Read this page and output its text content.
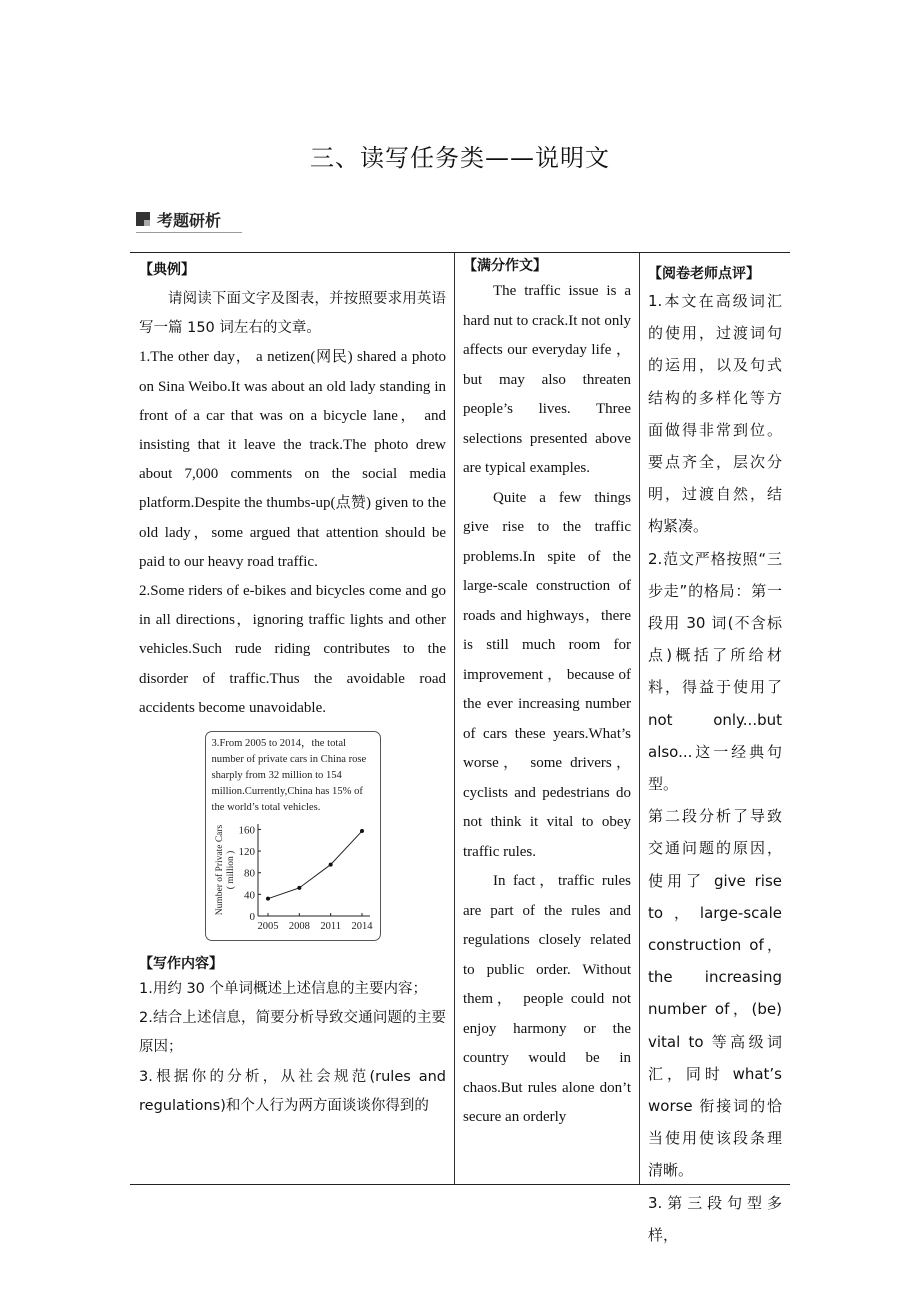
三、读写任务类——说明文
考题研析
【典例】

请阅读下面文字及图表，并按照要求用英语写一篇 150 词左右的文章。

1.The other day， a netizen(网民) shared a photo on Sina Weibo.It was about an old lady standing in front of a car that was on a bicycle lane， and insisting that it leave the track.The photo drew about 7,000 comments on the social media platform.Despite the thumbs-up(点赞) given to the old lady，some argued that attention should be paid to our heavy road traffic.

2.Some riders of e-bikes and bicycles come and go in all directions，ignoring traffic lights and other vehicles.Such rude riding contributes to the disorder of traffic.Thus the avoidable road accidents become unavoidable.

3.From 2005 to 2014，the total number of private cars in China rose sharply from 32 million to 154 million.Currently,China has 15% of the world’s total vehicles.
0
40
80
120
160
2005 2008 2011 2014
Number of Private Cars ( million )
【写作内容】

1.用约 30 个单词概述上述信息的主要内容；

2.结合上述信息，简要分析导致交通问题的主要原因；

3.根据你的分析，从社会规范(rules and regulations)和个人行为两方面谈谈你得到的

【满分作文】

The traffic issue is a hard nut to crack.It not only affects our everyday life ， but may also threaten people’s lives. Three selections presented above are typical examples.

Quite a few things give rise to the traffic problems.In spite of the large-scale construction of roads and highways，there is still much room for improvement ， because of the ever increasing number of cars these years.What’s worse， some drivers， cyclists and pedestrians do not think it vital to obey traffic rules.

In fact，traffic rules are part of the rules and regulations closely related to public order. Without them， people could not enjoy harmony or the country would be in chaos.But rules alone don’t secure an orderly

【阅卷老师点评】

1.本文在高级词汇的使用，过渡词句的运用，以及句式结构的多样化等方面做得非常到位。要点齐全，层次分明，过渡自然，结构紧凑。

2.范文严格按照“三步走”的格局：第一段用 30 词(不含标点)概括了所给材料，得益于使用了 not only...but also...这一经典句型。

第二段分析了导致交通问题的原因，使用了 give rise to，large-scale construction of，the increasing number of，(be) vital to 等高级词汇，同时 what’s worse 衔接词的恰当使用使该段条理清晰。

3.第三段句型多样，
